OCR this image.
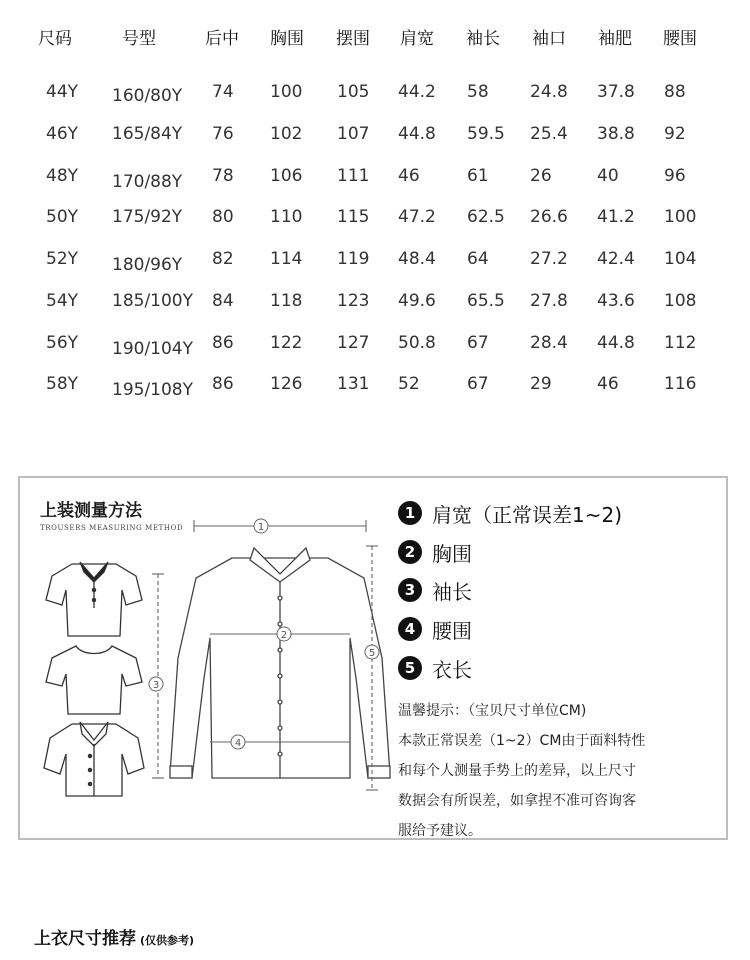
尺码	号型	后中 胸围 摆围 肩宽 袖长 袖口 袖肥 腰围
44Y 160/80Y 74 100 105 44.2 58 24.8 37.8 88
46Y 165/84Y 76 102 107 44.8 59.5 25.4 38.8 92
48Y 170/88Y 78 106 111 46	61 26	40	96
50Y 175/92Y 80 110 115 47.2 62.5 26.6 41.2 100
52Y 180/96Y 82 114 119 48.4 64 27.2 42.4 104
54Y 185/100Y 84 118 123 49.6 65.5 27.8 43.6 108
56Y 190/104Y 86 122 127 50.8 67 28.4 44.8 112
58Y 195/108Y 86 126 131 52	67 29	46	116
上装测量方法
TROUSERS MEASURING METHOD	1
2
3
4
5
1 肩宽（正常误差1~2)
2 胸围
3 袖长
4 腰围
5 衣长
温馨提示：（宝贝尺寸单位CM)
本款正常误差（1~2）CM由于面料特性
和每个人测量手势上的差异，以上尺寸
数据会有所误差，如拿捏不准可咨询客
服给予建议。
上衣尺寸推荐 (仅供参考)
